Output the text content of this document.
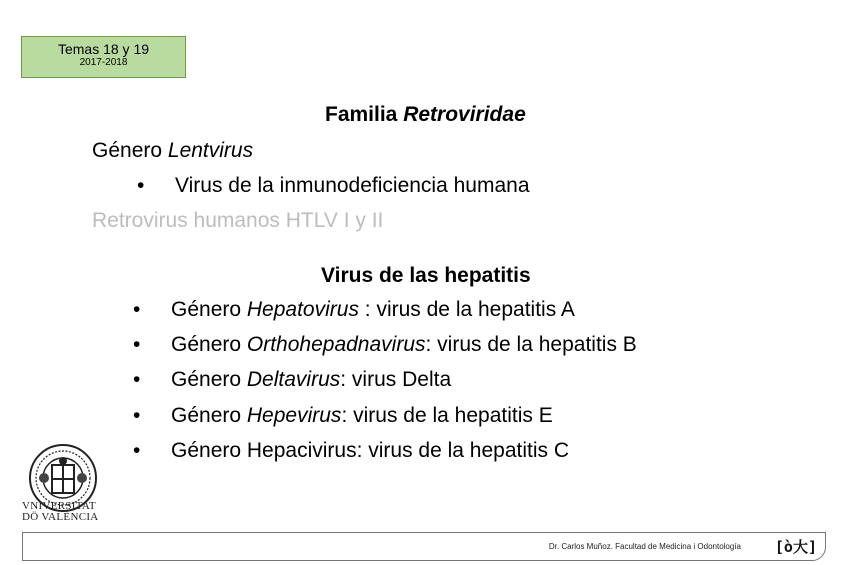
Temas 18 y 19
2017-2018
Familia Retroviridae
Género Lentvirus
• Virus de la inmunodeficiencia humana
Retrovirus humanos HTLV I y II
Virus de las hepatitis
• Género Hepatovirus : virus de la hepatitis A
• Género Orthohepadnavirus: virus de la hepatitis B
• Género Deltavirus: virus Delta
• Género Hepevirus: virus de la hepatitis E
• Género Hepacivirus: virus de la hepatitis C
VNIVERSITAT
DÖ VALÈNCIA
Dr. Carlos Muñoz. Facultad de Medicina i Odontología [ò大]
